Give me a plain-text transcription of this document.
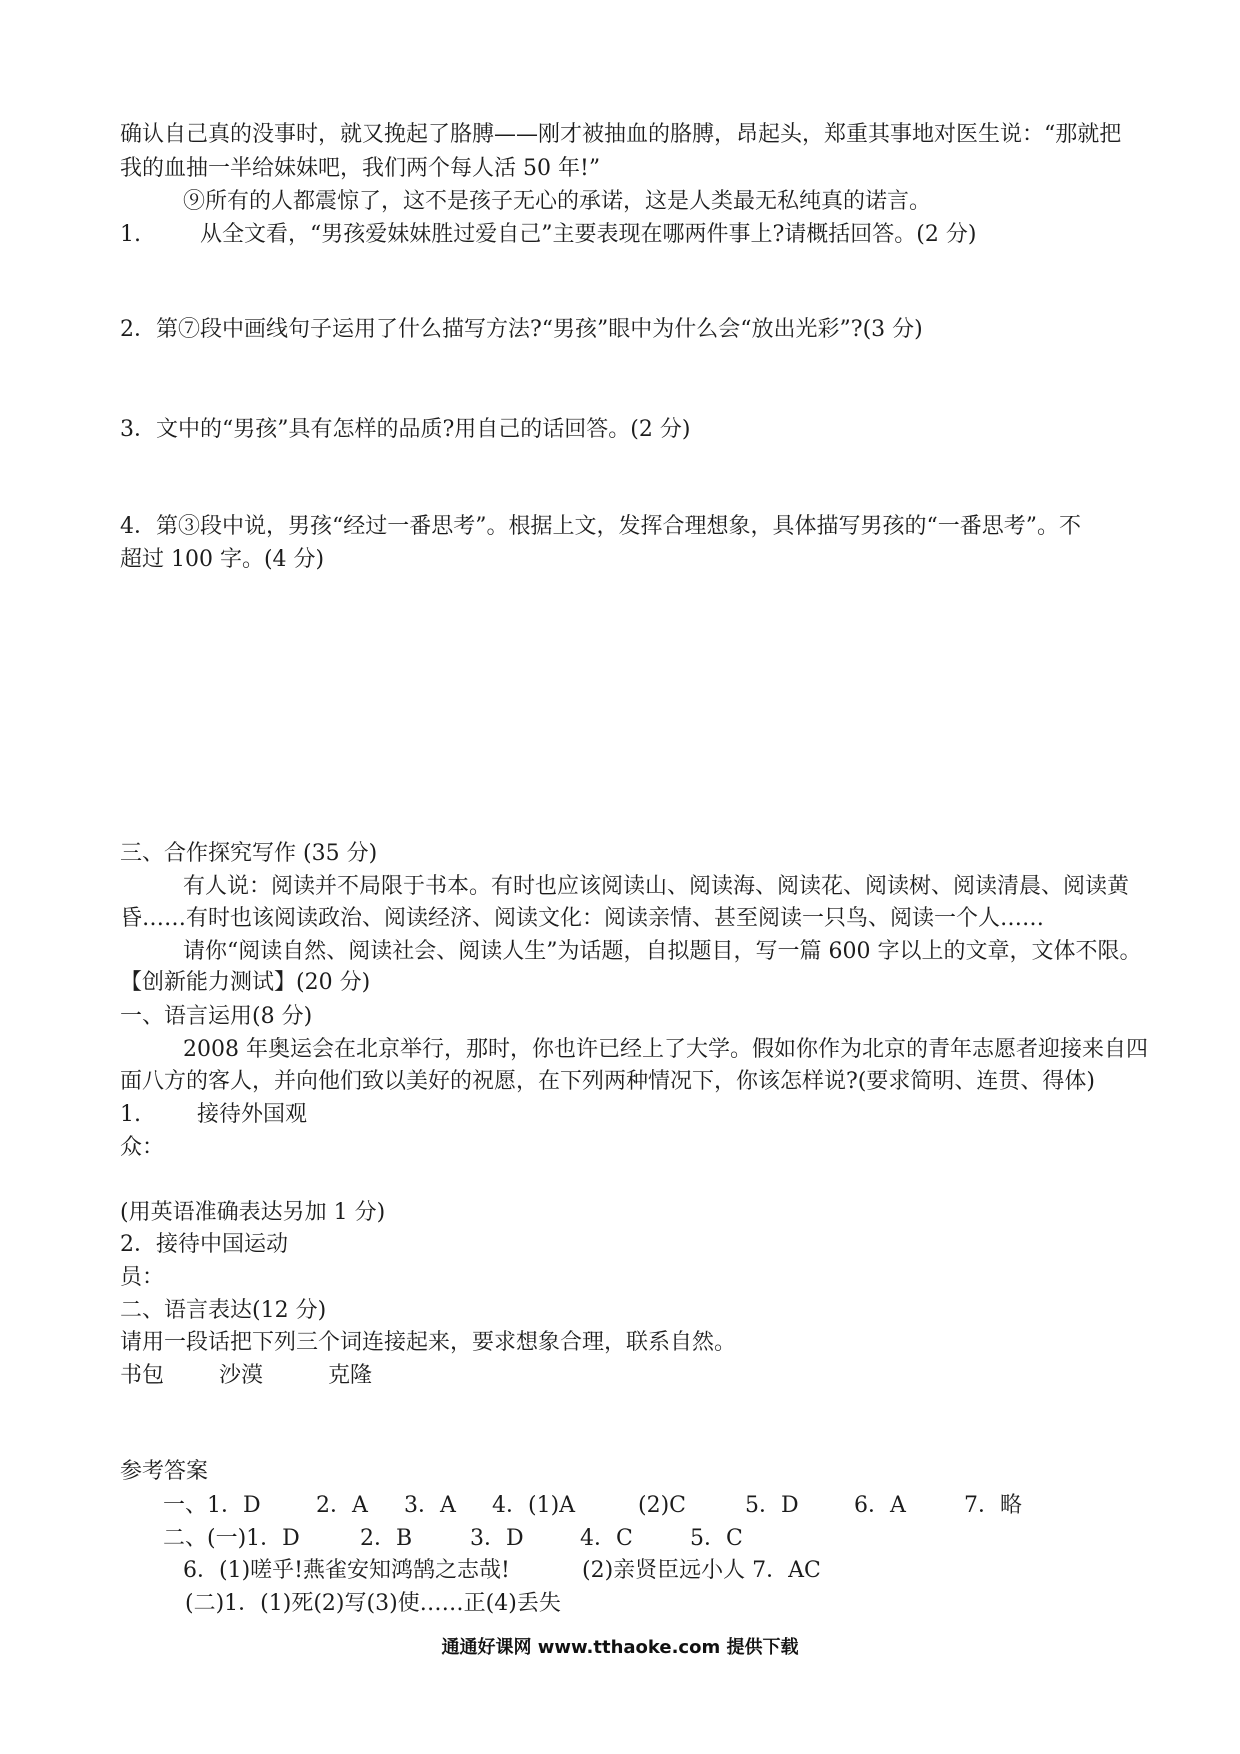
确认自己真的没事时，就又挽起了胳膊——刚才被抽血的胳膊，昂起头，郑重其事地对医生说：“那就把
我的血抽一半给妹妹吧，我们两个每人活 50 年!”
⑨所有的人都震惊了，这不是孩子无心的承诺，这是人类最无私纯真的诺言。
1.	从全文看，“男孩爱妹妹胜过爱自己”主要表现在哪两件事上?请概括回答。(2 分)
2．第⑦段中画线句子运用了什么描写方法?“男孩”眼中为什么会“放出光彩”?(3 分)
3．文中的“男孩”具有怎样的品质?用自己的话回答。(2 分)
4．第③段中说，男孩“经过一番思考”。根据上文，发挥合理想象，具体描写男孩的“一番思考”。不
超过 100 字。(4 分)
三、合作探究写作 (35 分)
有人说：阅读并不局限于书本。有时也应该阅读山、阅读海、阅读花、阅读树、阅读清晨、阅读黄
昏……有时也该阅读政治、阅读经济、阅读文化：阅读亲情、甚至阅读一只鸟、阅读一个人……
请你“阅读自然、阅读社会、阅读人生”为话题，自拟题目，写一篇 600 字以上的文章，文体不限。
【创新能力测试】(20 分)
一、语言运用(8 分)
2008 年奥运会在北京举行，那时，你也许已经上了大学。假如你作为北京的青年志愿者迎接来自四
面八方的客人，并向他们致以美好的祝愿，在下列两种情况下，你该怎样说?(要求简明、连贯、得体)
1.	接待外国观
众：
(用英语准确表达另加 1 分)
2．接待中国运动
员：
二、语言表达(12 分)
请用一段话把下列三个词连接起来，要求想象合理，联系自然。
书包 沙漠	克隆
参考答案
一、1．D	2．A 3．A 4．(1)A	(2)C	5．D	6．A	7．略
二、(一)1．D	2．B	3．D	4．C	5．C
6．(1)嗟乎!燕雀安知鸿鹄之志哉!	(2)亲贤臣远小人 7．AC
(二)1．(1)死(2)写(3)使……正(4)丢失
通通好课网 www.tthaoke.com 提供下载
